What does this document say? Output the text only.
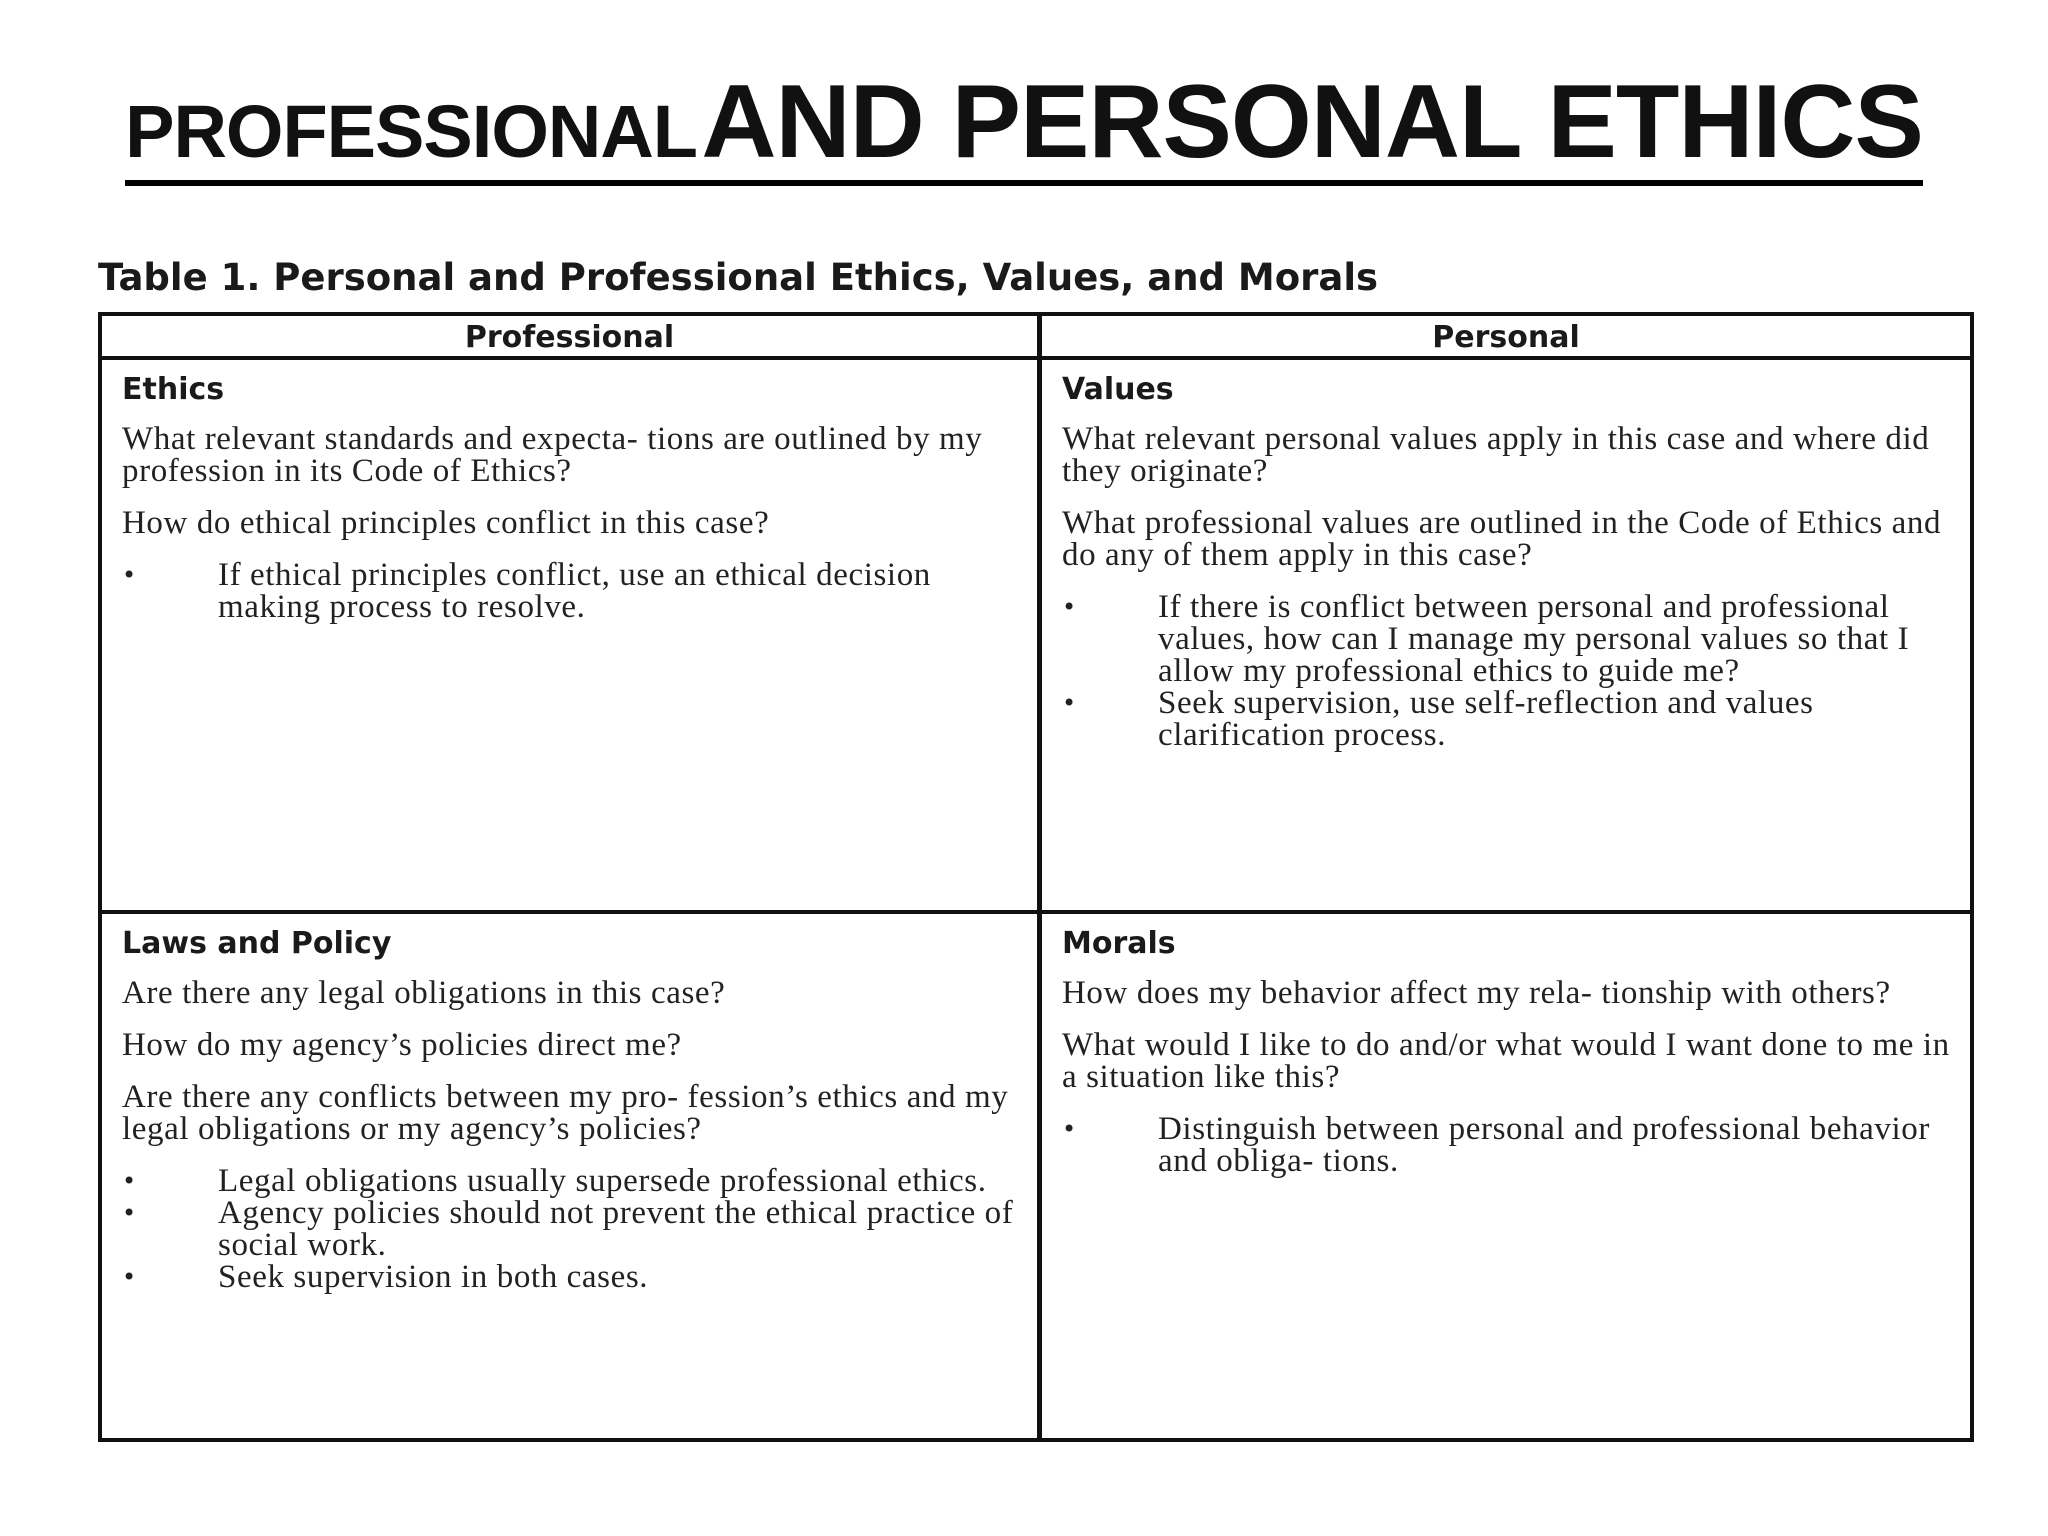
PROFESSIONAL AND PERSONAL ETHICS
Table 1. Personal and Professional Ethics, Values, and Morals
Professional	Personal
Ethics

What relevant standards and expecta- tions are outlined by my profession in its Code of Ethics?

How do ethical principles conflict in this case?

• If ethical principles conflict, use an ethical decision making process to resolve.
Values

What relevant personal values apply in this case and where did they originate?

What professional values are outlined in the Code of Ethics and do any of them apply in this case?

• If there is conflict between personal and professional values, how can I manage my personal values so that I allow my professional ethics to guide me?
• Seek supervision, use self-reflection and values clarification process.
Laws and Policy

Are there any legal obligations in this case?

How do my agency’s policies direct me?

Are there any conflicts between my pro- fession’s ethics and my legal obligations or my agency’s policies?

• Legal obligations usually supersede professional ethics.
• Agency policies should not prevent the ethical practice of social work.
• Seek supervision in both cases.
Morals

How does my behavior affect my rela- tionship with others?

What would I like to do and/or what would I want done to me in a situation like this?

• Distinguish between personal and professional behavior and obliga- tions.
